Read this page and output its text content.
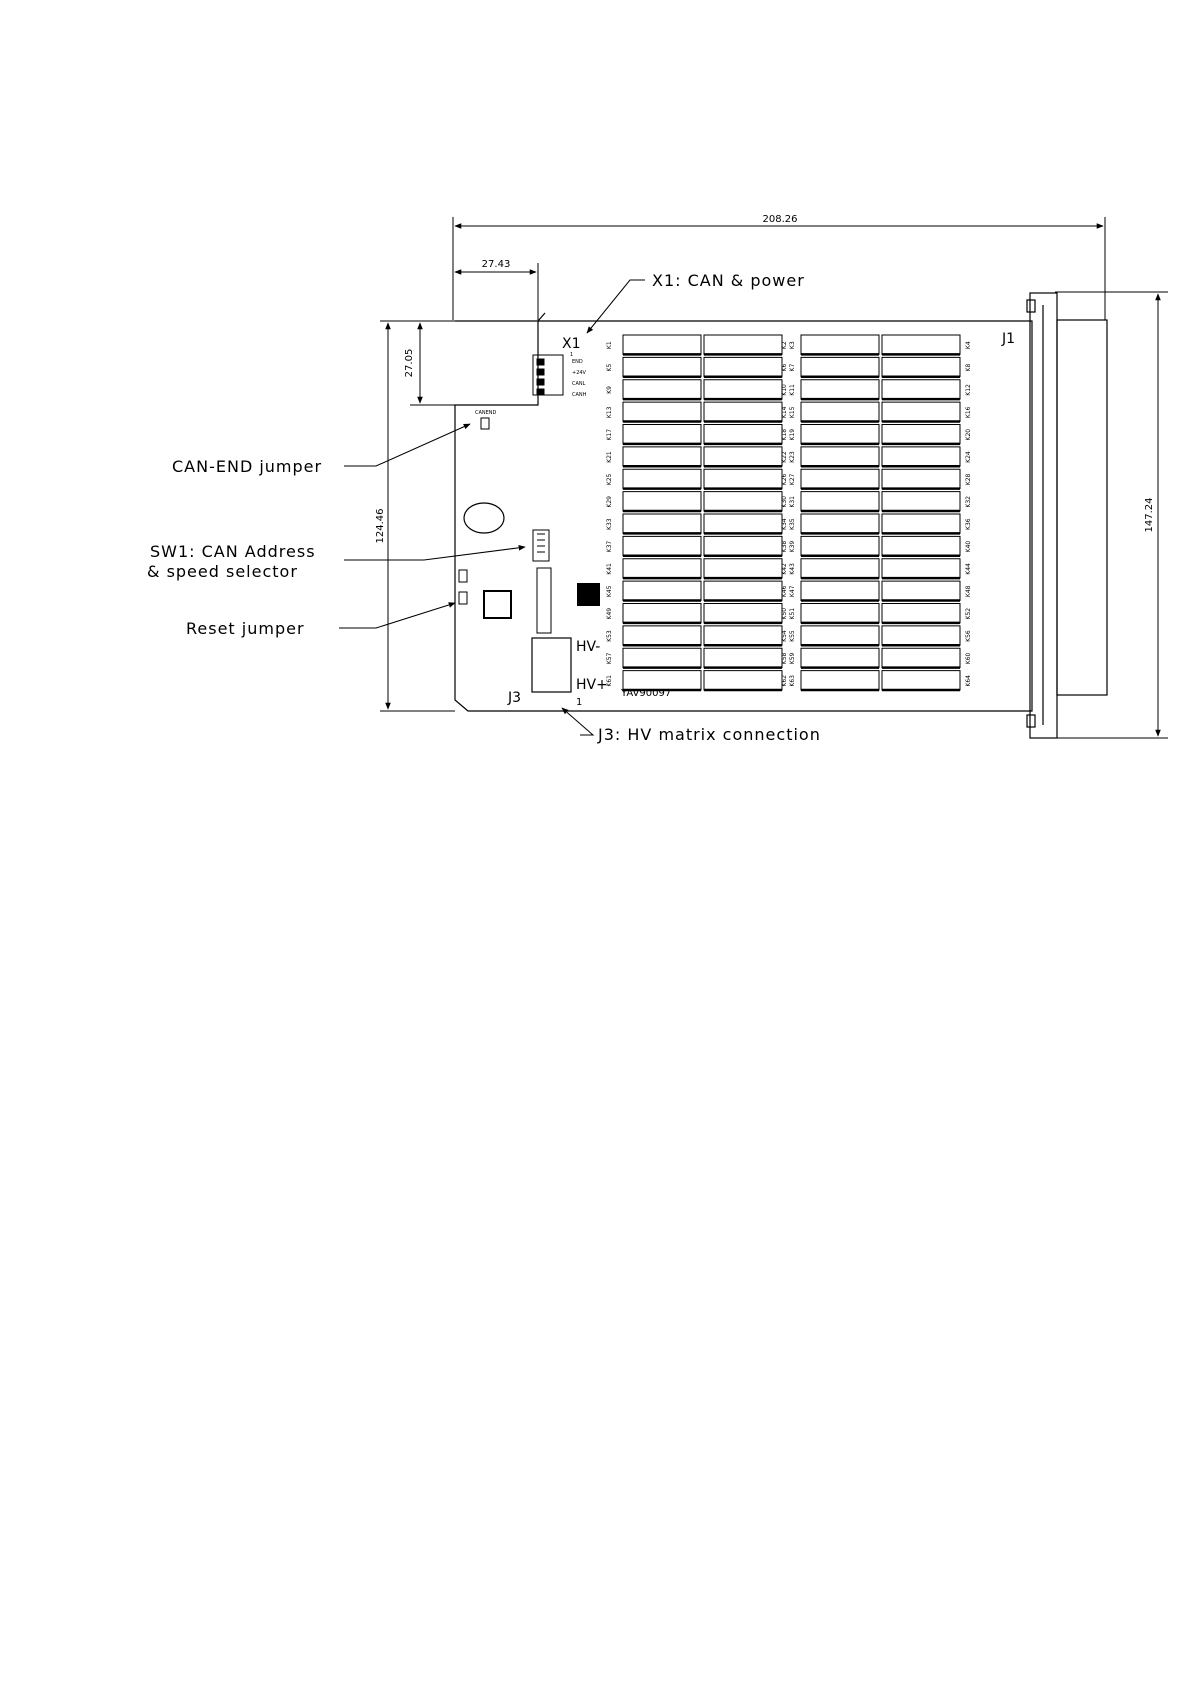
208.26
27.43
27.05
124.46	147.24
J1
X1
1
END
+24V
CANL
CANH
CANEND
HV-
HV+
J3	1
YAV90097
K1	K2 K3	K4
K5	K6 K7	K8
K9	K10 K11	K12
K13	K14 K15	K16
K17	K18 K19	K20
K21	K22 K23	K24
K25	K26 K27	K28
K29	K30 K31	K32
K33	K34 K35	K36
K37	K38 K39	K40
K41	K42 K43	K44
K45	K46 K47	K48
K49	K50 K51	K52
K53	K54 K55	K56
K57	K58 K59	K60
K61	K62 K63	K64
X1: CAN & power
CAN-END jumper
SW1: CAN Address
& speed selector
Reset jumper
J3: HV matrix connection
